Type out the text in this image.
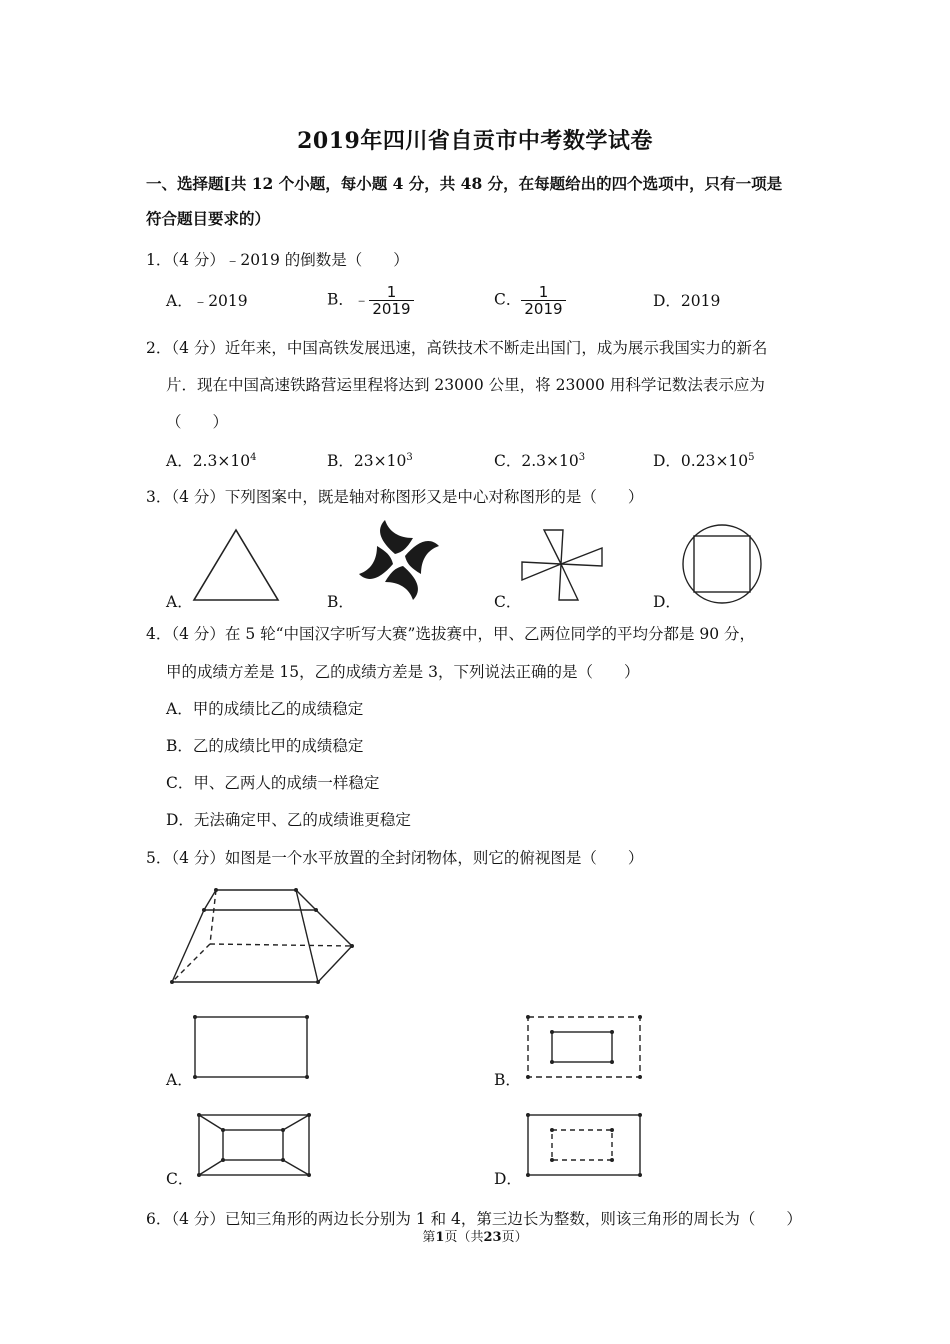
2019年四川省自贡市中考数学试卷
一、选择题[共 12 个小题，每小题 4 分，共 48 分，在每题给出的四个选项中，只有一项是
符合题目要求的）
1．（4 分）﹣2019 的倒数是（　　）
A．﹣2019	B．﹣ $\frac{1}{2019}$	C． $\frac{1}{2019}$	D．2019
2．（4 分）近年来，中国高铁发展迅速，高铁技术不断走出国门，成为展示我国实力的新名
片．现在中国高速铁路营运里程将达到 23000 公里，将 23000 用科学记数法表示应为
（　　）
A．$2.3\times 10^4$	B．$23\times 10^3$	C．$2.3\times 10^3$	D．$0.23\times 10^5$
3．（4 分）下列图案中，既是轴对称图形又是中心对称图形的是（　　）
A．	B．	C．	D．
4．（4 分）在 5 轮“中国汉字听写大赛”选拔赛中，甲、乙两位同学的平均分都是 90 分，
甲的成绩方差是 15，乙的成绩方差是 3，下列说法正确的是（　　）
A．甲的成绩比乙的成绩稳定
B．乙的成绩比甲的成绩稳定
C．甲、乙两人的成绩一样稳定
D．无法确定甲、乙的成绩谁更稳定
5．（4 分）如图是一个水平放置的全封闭物体，则它的俯视图是（　　）
A．	B．
C．	D．
6．（4 分）已知三角形的两边长分别为 1 和 4，第三边长为整数，则该三角形的周长为（　　）
第1页（共23页）
